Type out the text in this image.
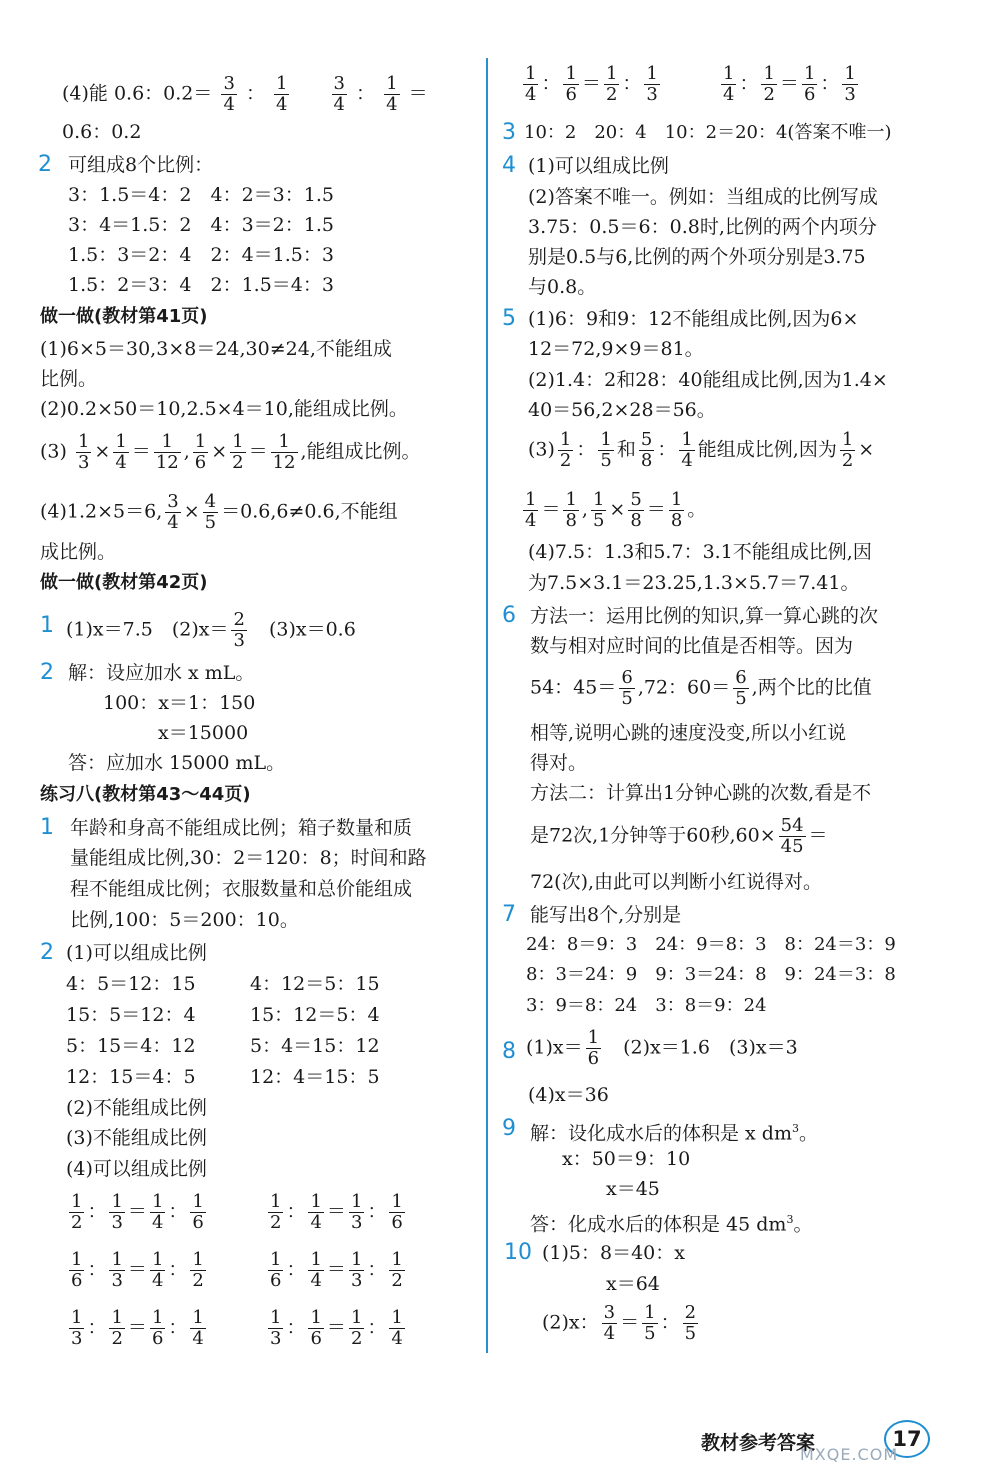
(4)能 0.6：$0.2= \frac{3}{4}$ ： $\frac{1}{4}$
$\frac{3}{4}$ ： $\frac{1}{4}$ ＝
0.6：0.2
2 可组成8个比例：
3：1.5＝4：2　4：2＝3：1.5
3：4＝1.5：2　4：3＝2：1.5
1.5：3＝2：4　2：4＝1.5：3
1.5：2＝3：4　2：1.5＝4：3
做一做(教材第41页)
(1)6×5＝30,3×8＝24,30≠24,不能组成
比例。
(2)0.2×50＝10,2.5×4＝10,能组成比例。
$(3) \frac{1}{3} \times \frac{1}{4} = \frac{1}{12}$ , $\frac{1}{6} \times \frac{1}{2} = \frac{1}{12}$ ,能组成比例。
(4)1.2×5＝6, $\frac{3}{4} \times \frac{4}{5} =0.6,6\ne 0.6$,不能组
成比例。
做一做(教材第42页)
1 (1)x＝7.5　$(2)x= \frac{2}{3}$ 　(3)x＝0.6
2 解：设应加水 x mL。
100：x＝1：150
x＝15000
答：应加水 15000 mL。
练习八(教材第43～44页)
1 年龄和身高不能组成比例；箱子数量和质
量能组成比例,30：2＝120：8；时间和路
程不能组成比例；衣服数量和总价能组成
比例,100：5＝200：10。
2 (1)可以组成比例
4：5＝12：15	4：12＝5：15
15：5＝12：4	15：12＝5：4
5：15＝4：12	5：4＝15：12
12：15＝4：5	12：4＝15：5
(2)不能组成比例
(3)不能组成比例
(4)可以组成比例
$\frac{1}{2}$ ： $\frac{1}{3} = \frac{1}{4}$ ： $\frac{1}{6}$	$\frac{1}{2}$ ： $\frac{1}{4} = \frac{1}{3}$ ： $\frac{1}{6}$
$\frac{1}{6}$ ： $\frac{1}{3} = \frac{1}{4}$ ： $\frac{1}{2}$	$\frac{1}{6}$ ： $\frac{1}{4} = \frac{1}{3}$ ： $\frac{1}{2}$
$\frac{1}{3}$ ： $\frac{1}{2} = \frac{1}{6}$ ： $\frac{1}{4}$	$\frac{1}{3}$ ： $\frac{1}{6} = \frac{1}{2}$ ： $\frac{1}{4}$
$\frac{1}{4}$ ： $\frac{1}{6} = \frac{1}{2}$ ： $\frac{1}{3}$	$\frac{1}{4}$ ： $\frac{1}{2} = \frac{1}{6}$ ： $\frac{1}{3}$
3 10：2　20：4　10：2＝20：4(答案不唯一)
4 (1)可以组成比例
(2)答案不唯一。例如：当组成的比例写成
3.75：0.5＝6：0.8时,比例的两个内项分
别是0.5与6,比例的两个外项分别是3.75
与0.8。
5 (1)6：9和9：12不能组成比例,因为6×
12＝72,9×9＝81。
(2)1.4：2和28：40能组成比例,因为1.4×
40＝56,2×28＝56。
$(3) \frac{1}{2}$ ： $\frac{1}{5}$ 和 $\frac{5}{8}$ ： $\frac{1}{4}$ 能组成比例,因为 $\frac{1}{2}$ ×
$\frac{1}{4} = \frac{1}{8}$ , $\frac{1}{5} \times \frac{5}{8} = \frac{1}{8}$ 。
(4)7.5：1.3和5.7：3.1不能组成比例,因
为7.5×3.1＝23.25,1.3×5.7＝7.41。
6 方法一：运用比例的知识,算一算心跳的次
数与相对应时间的比值是否相等。因为
54：$45= \frac{6}{5} ,72$：$60= \frac{6}{5}$ ,两个比的比值
相等,说明心跳的速度没变,所以小红说
得对。
方法二：计算出1分钟心跳的次数,看是不
是72次,1分钟等于60秒$,60\times \frac{54}{45}$ ＝
72(次),由此可以判断小红说得对。
7 能写出8个,分别是
24：8＝9：3　24：9＝8：3　8：24＝3：9
8：3＝24：9　9：3＝24：8　9：24＝3：8
3：9＝8：24　3：8＝9：24
8 $(1)x= \frac{1}{6}$ 　(2)x＝1.6　(3)x＝3
(4)x＝36
9 解：设化成水后的体积是 x $dm^3$。
x：50＝9：10
x＝45
答：化成水后的体积是 45 $dm^3$。
10 (1)5：8＝40：x
x＝64
(2)x： $\frac{3}{4} = \frac{1}{5}$ ： $\frac{2}{5}$
教材参考答案	17
MXQE.COM
